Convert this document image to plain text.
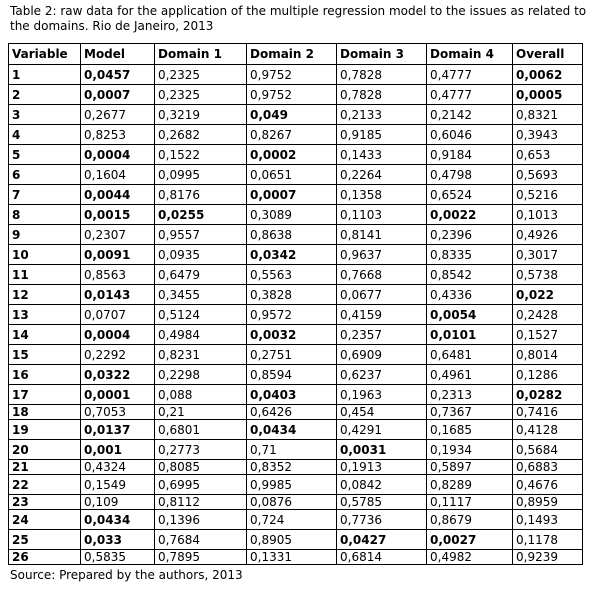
Table 2: raw data for the application of the multiple regression model to the issues as related to the domains. Rio de Janeiro, 2013
Variable	Model	Domain 1	Domain 2	Domain 3	Domain 4	Overall
1	0,0457	0,2325	0,9752	0,7828	0,4777	0,0062
2	0,0007	0,2325	0,9752	0,7828	0,4777	0,0005
3	0,2677	0,3219	0,049	0,2133	0,2142	0,8321
4	0,8253	0,2682	0,8267	0,9185	0,6046	0,3943
5	0,0004	0,1522	0,0002	0,1433	0,9184	0,653
6	0,1604	0,0995	0,0651	0,2264	0,4798	0,5693
7	0,0044	0,8176	0,0007	0,1358	0,6524	0,5216
8	0,0015	0,0255	0,3089	0,1103	0,0022	0,1013
9	0,2307	0,9557	0,8638	0,8141	0,2396	0,4926
10	0,0091	0,0935	0,0342	0,9637	0,8335	0,3017
11	0,8563	0,6479	0,5563	0,7668	0,8542	0,5738
12	0,0143	0,3455	0,3828	0,0677	0,4336	0,022
13	0,0707	0,5124	0,9572	0,4159	0,0054	0,2428
14	0,0004	0,4984	0,0032	0,2357	0,0101	0,1527
15	0,2292	0,8231	0,2751	0,6909	0,6481	0,8014
16	0,0322	0,2298	0,8594	0,6237	0,4961	0,1286
17	0,0001	0,088	0,0403	0,1963	0,2313	0,0282
18	0,7053	0,21	0,6426	0,454	0,7367	0,7416
19	0,0137	0,6801	0,0434	0,4291	0,1685	0,4128
20	0,001	0,2773	0,71	0,0031	0,1934	0,5684
21	0,4324	0,8085	0,8352	0,1913	0,5897	0,6883
22	0,1549	0,6995	0,9985	0,0842	0,8289	0,4676
23	0,109	0,8112	0,0876	0,5785	0,1117	0,8959
24	0,0434	0,1396	0,724	0,7736	0,8679	0,1493
25	0,033	0,7684	0,8905	0,0427	0,0027	0,1178
26	0,5835	0,7895	0,1331	0,6814	0,4982	0,9239
Source: Prepared by the authors, 2013
